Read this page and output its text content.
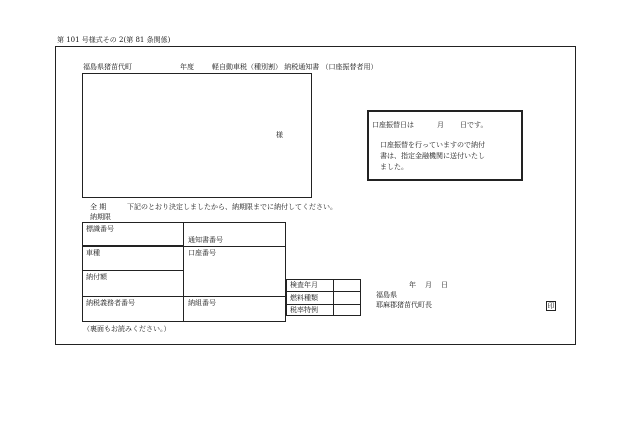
第 101 号様式その 2(第 81 条関係)
福島県猪苗代町	年度	軽自動車税（種別割） 納税通知書 （口座振替者用）
様
口座振替日は	月 日です。
口座振替を行っていますので納付
書は、指定金融機関に送付いたし
ました。
全 期	下記のとおり決定しましたから、納期限までに納付してください。
納期限
標識番号
通知書番号
車種	口座番号
納付額
納税義務者番号	納組番号
検査年月
燃料種類
税率特例
年 月 日
福島県
耶麻郡猪苗代町長	印
（裏面もお読みください。）
